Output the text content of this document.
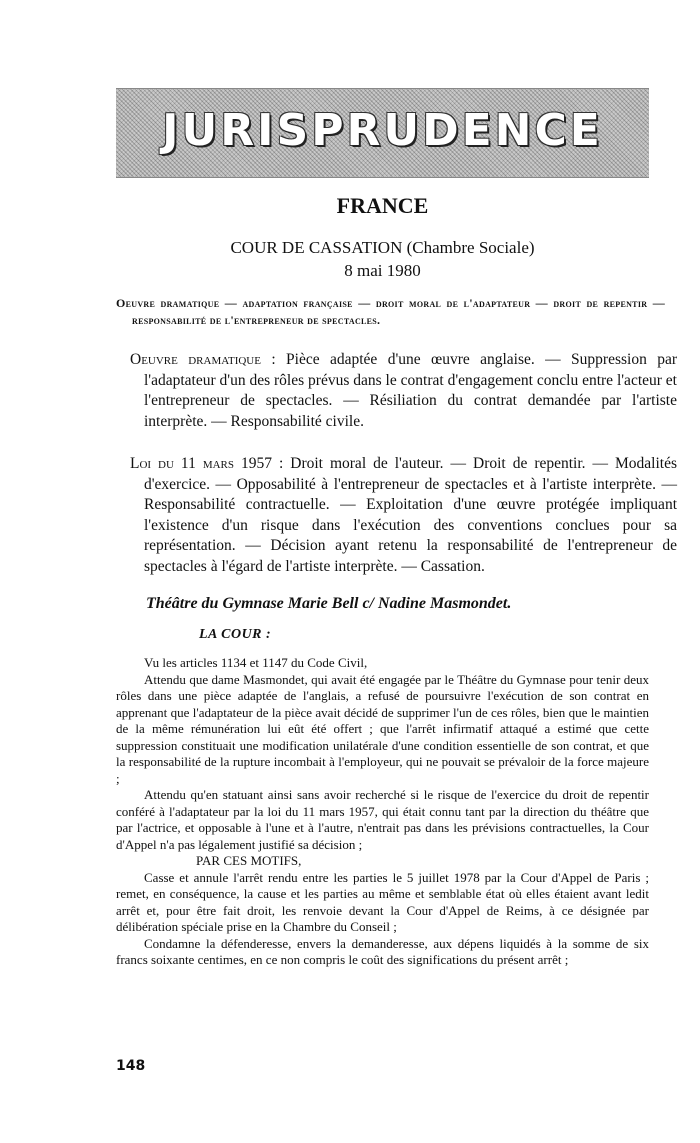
JURISPRUDENCE
FRANCE
COUR DE CASSATION (Chambre Sociale)
8 mai 1980
Oeuvre dramatique — adaptation française — droit moral de l'adaptateur — droit de repentir — responsabilité de l'entrepreneur de spectacles.
Oeuvre dramatique : Pièce adaptée d'une œuvre anglaise. — Suppression par l'adaptateur d'un des rôles prévus dans le contrat d'engagement conclu entre l'acteur et l'entrepreneur de spectacles. — Résiliation du contrat demandée par l'artiste interprète. — Responsabilité civile.
Loi du 11 mars 1957 : Droit moral de l'auteur. — Droit de repentir. — Modalités d'exercice. — Opposabilité à l'entrepreneur de spectacles et à l'artiste interprète. — Responsabilité contractuelle. — Exploitation d'une œuvre protégée impliquant l'existence d'un risque dans l'exécution des conventions conclues pour sa représentation. — Décision ayant retenu la responsabilité de l'entrepreneur de spectacles à l'égard de l'artiste interprète. — Cassation.
Théâtre du Gymnase Marie Bell c/ Nadine Masmondet.
LA COUR :

Vu les articles 1134 et 1147 du Code Civil,

Attendu que dame Masmondet, qui avait été engagée par le Théâtre du Gymnase pour tenir deux rôles dans une pièce adaptée de l'anglais, a refusé de poursuivre l'exécution de son contrat en apprenant que l'adaptateur de la pièce avait décidé de supprimer l'un de ces rôles, bien que le maintien de la même rémunération lui eût été offert ; que l'arrêt infirmatif attaqué a estimé que cette suppression constituait une modification unilatérale d'une condition essentielle de son contrat, et que la responsabilité de la rupture incombait à l'employeur, qui ne pouvait se prévaloir de la force majeure ;

Attendu qu'en statuant ainsi sans avoir recherché si le risque de l'exercice du droit de repentir conféré à l'adaptateur par la loi du 11 mars 1957, qui était connu tant par la direction du théâtre que par l'actrice, et opposable à l'une et à l'autre, n'entrait pas dans les prévisions contractuelles, la Cour d'Appel n'a pas légalement justifié sa décision ;

PAR CES MOTIFS,

Casse et annule l'arrêt rendu entre les parties le 5 juillet 1978 par la Cour d'Appel de Paris ; remet, en conséquence, la cause et les parties au même et semblable état où elles étaient avant ledit arrêt et, pour être fait droit, les renvoie devant la Cour d'Appel de Reims, à ce désignée par délibération spéciale prise en la Chambre du Conseil ;

Condamne la défenderesse, envers la demanderesse, aux dépens liquidés à la somme de six francs soixante centimes, en ce non compris le coût des significations du présent arrêt ;

148
